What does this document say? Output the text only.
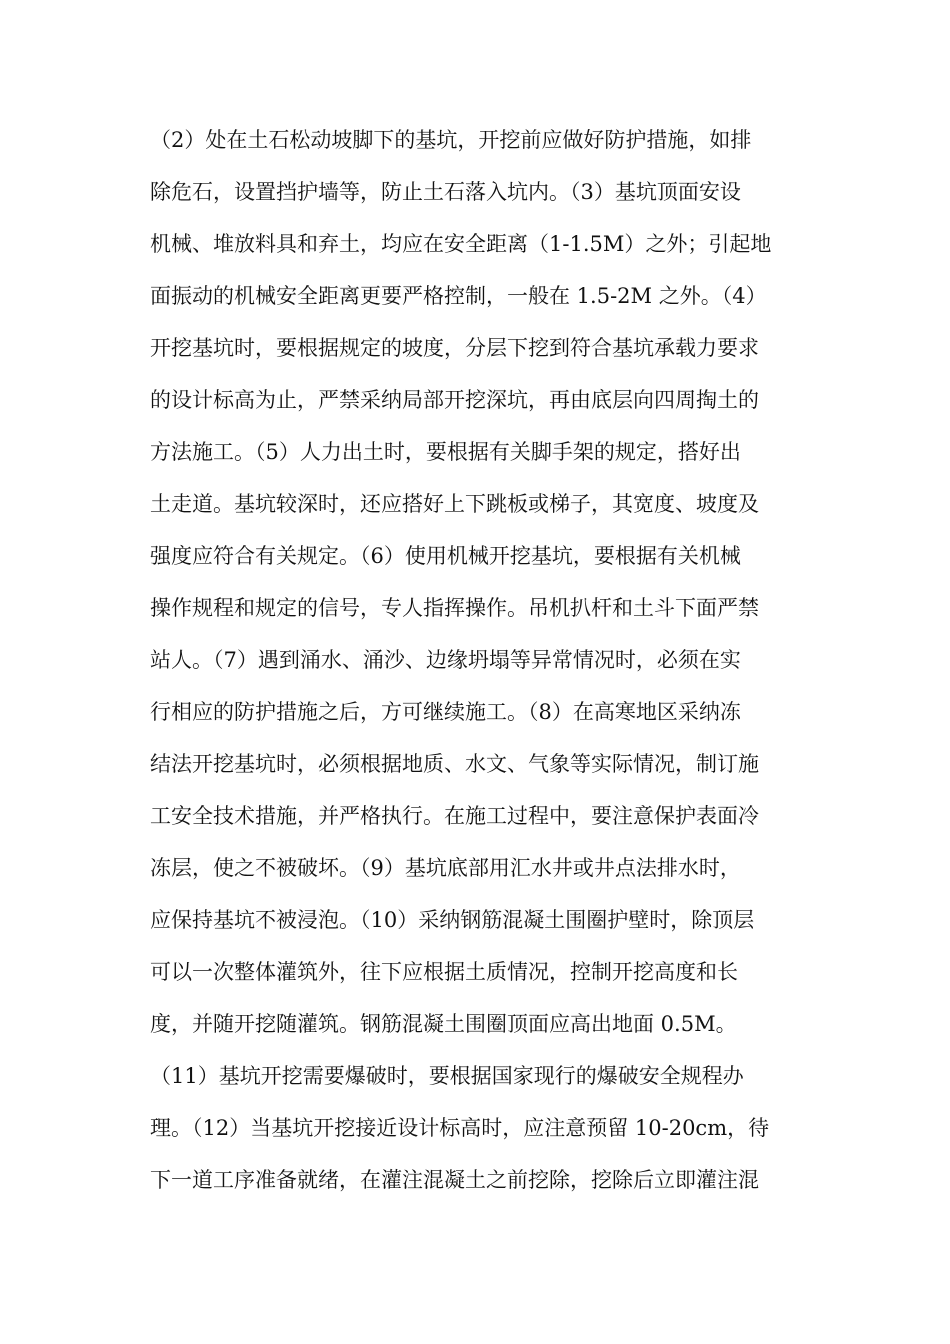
（2）处在土石松动坡脚下的基坑，开挖前应做好防护措施，如排
除危石，设置挡护墙等，防止土石落入坑内。（3）基坑顶面安设
机械、堆放料具和弃土，均应在安全距离（1-1.5M）之外；引起地
面振动的机械安全距离更要严格控制，一般在 1.5-2M 之外。（4）
开挖基坑时，要根据规定的坡度，分层下挖到符合基坑承载力要求
的设计标高为止，严禁采纳局部开挖深坑，再由底层向四周掏土的
方法施工。（5）人力出土时，要根据有关脚手架的规定，搭好出
土走道。基坑较深时，还应搭好上下跳板或梯子，其宽度、坡度及
强度应符合有关规定。（6）使用机械开挖基坑，要根据有关机械
操作规程和规定的信号，专人指挥操作。吊机扒杆和土斗下面严禁
站人。（7）遇到涌水、涌沙、边缘坍塌等异常情况时，必须在实
行相应的防护措施之后，方可继续施工。（8）在高寒地区采纳冻
结法开挖基坑时，必须根据地质、水文、气象等实际情况，制订施
工安全技术措施，并严格执行。在施工过程中，要注意保护表面冷
冻层，使之不被破坏。（9）基坑底部用汇水井或井点法排水时，
应保持基坑不被浸泡。（10）采纳钢筋混凝土围圈护壁时，除顶层
可以一次整体灌筑外，往下应根据土质情况，控制开挖高度和长
度，并随开挖随灌筑。钢筋混凝土围圈顶面应高出地面 0.5M。
（11）基坑开挖需要爆破时，要根据国家现行的爆破安全规程办
理。（12）当基坑开挖接近设计标高时，应注意预留 10-20cm，待
下一道工序准备就绪，在灌注混凝土之前挖除，挖除后立即灌注混
